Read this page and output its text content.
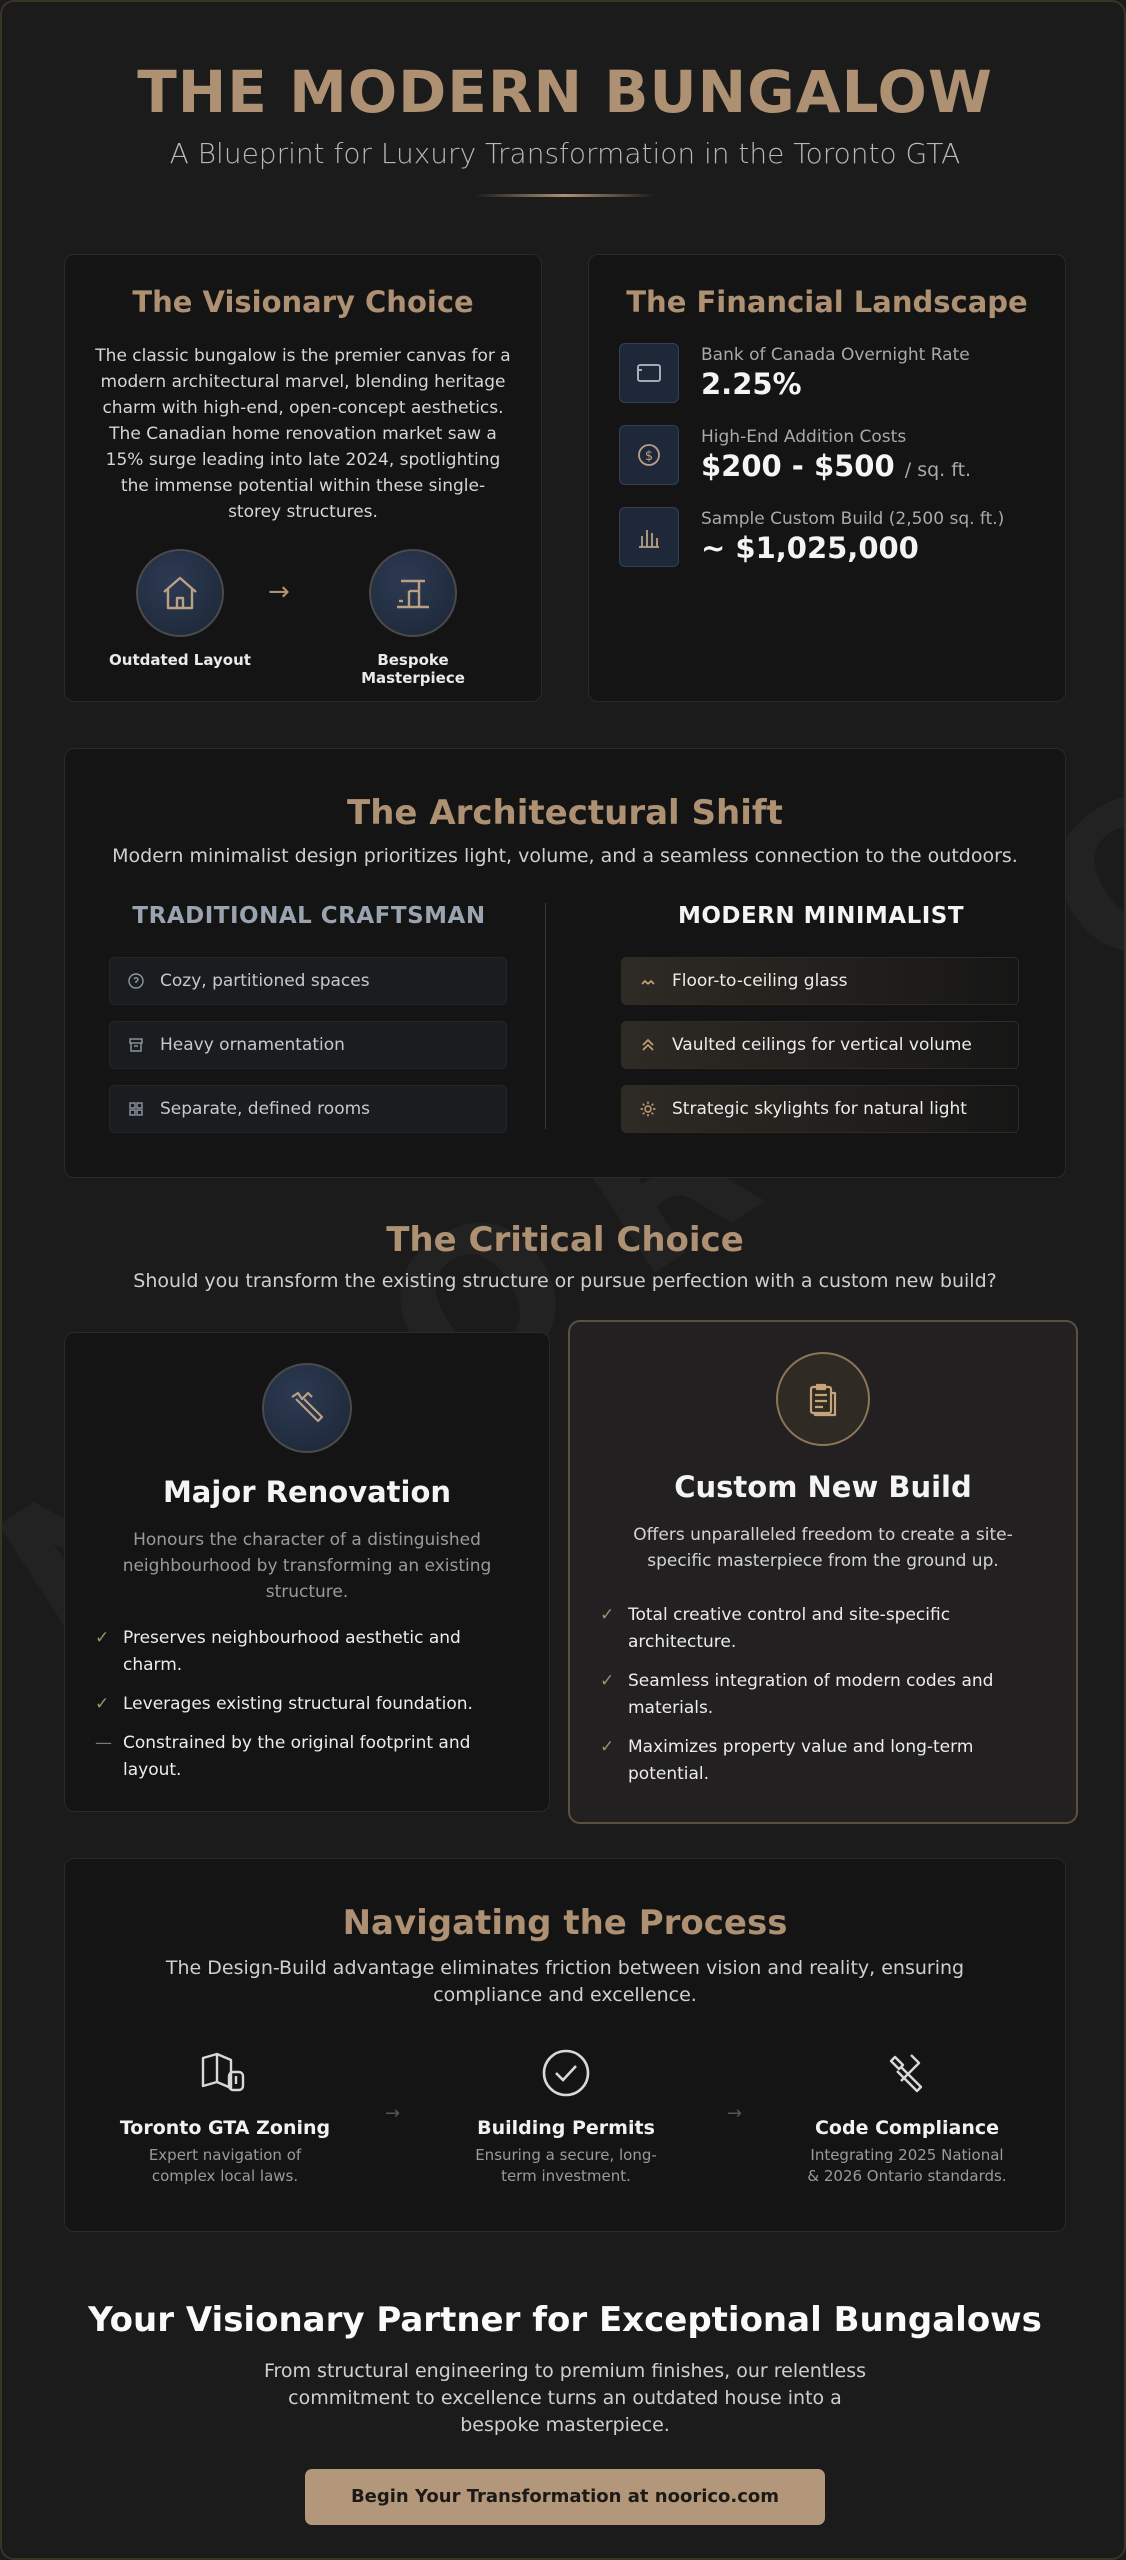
THE MODERN BUNGALOW
A Blueprint for Luxury Transformation in the Toronto GTA
The Visionary Choice

The classic bungalow is the premier canvas for a modern architectural marvel, blending heritage charm with high-end, open-concept aesthetics. The Canadian home renovation market saw a 15% surge leading into late 2024, spotlighting the immense potential within these single-storey structures.

Outdated Layout
→
Bespoke Masterpiece
The Financial Landscape
Bank of Canada Overnight Rate
2.25%
$
High-End Addition Costs
$200 - $500 / sq. ft.
Sample Custom Build (2,500 sq. ft.)
~ $1,025,000
The Architectural Shift
Modern minimalist design prioritizes light, volume, and a seamless connection to the outdoors.
TRADITIONAL CRAFTSMAN	MODERN MINIMALIST
Cozy, partitioned spaces
Heavy ornamentation
Separate, defined rooms
Floor-to-ceiling glass
Vaulted ceilings for vertical volume
Strategic skylights for natural light
The Critical Choice

Should you transform the existing structure or pursue perfection with a custom new build?

Major Renovation
Honours the character of a distinguished neighbourhood by transforming an existing structure.
✓ Preserves neighbourhood aesthetic and charm.
✓ Leverages existing structural foundation.
— Constrained by the original footprint and layout.
Custom New Build
Offers unparalleled freedom to create a site-specific masterpiece from the ground up.
✓ Total creative control and site-specific architecture.
✓ Seamless integration of modern codes and materials.
✓ Maximizes property value and long-term potential.
Navigating the Process
The Design-Build advantage eliminates friction between vision and reality, ensuring compliance and excellence.
Toronto GTA Zoning
Expert navigation of complex local laws.
→
Building Permits
Ensuring a secure, long-term investment.
→
Code Compliance
Integrating 2025 National & 2026 Ontario standards.
Your Visionary Partner for Exceptional Bungalows

From structural engineering to premium finishes, our relentless commitment to excellence turns an outdated house into a bespoke masterpiece.

Begin Your Transformation at noorico.com
